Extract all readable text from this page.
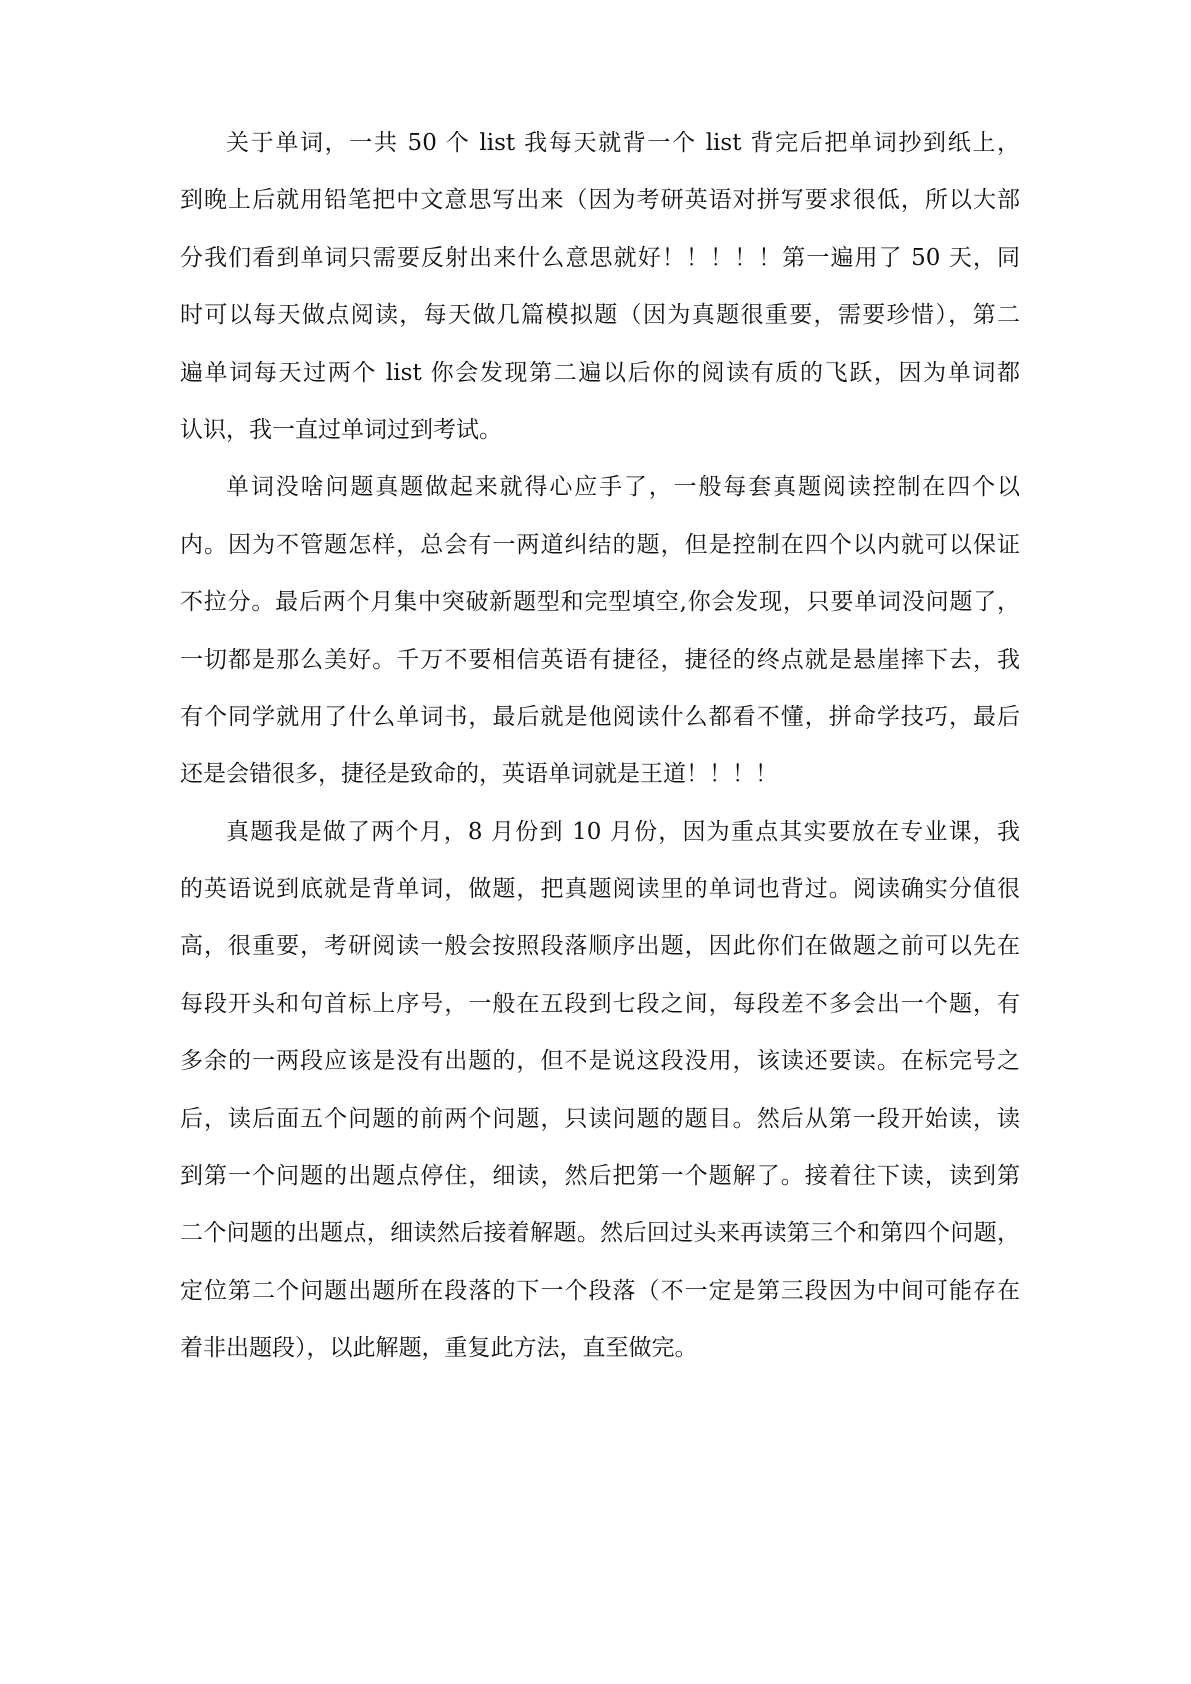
关于单词，一共 50 个 list 我每天就背一个 list 背完后把单词抄到纸上，
到晚上后就用铅笔把中文意思写出来（因为考研英语对拼写要求很低，所以大部
分我们看到单词只需要反射出来什么意思就好！！！！！第一遍用了 50 天，同
时可以每天做点阅读，每天做几篇模拟题（因为真题很重要，需要珍惜），第二
遍单词每天过两个 list 你会发现第二遍以后你的阅读有质的飞跃，因为单词都
认识，我一直过单词过到考试。
单词没啥问题真题做起来就得心应手了，一般每套真题阅读控制在四个以
内。因为不管题怎样，总会有一两道纠结的题，但是控制在四个以内就可以保证
不拉分。最后两个月集中突破新题型和完型填空,你会发现，只要单词没问题了，
一切都是那么美好。千万不要相信英语有捷径，捷径的终点就是悬崖摔下去，我
有个同学就用了什么单词书，最后就是他阅读什么都看不懂，拼命学技巧，最后
还是会错很多，捷径是致命的，英语单词就是王道！！！！
真题我是做了两个月，8 月份到 10 月份，因为重点其实要放在专业课，我
的英语说到底就是背单词，做题，把真题阅读里的单词也背过。阅读确实分值很
高，很重要，考研阅读一般会按照段落顺序出题，因此你们在做题之前可以先在
每段开头和句首标上序号，一般在五段到七段之间，每段差不多会出一个题，有
多余的一两段应该是没有出题的，但不是说这段没用，该读还要读。在标完号之
后，读后面五个问题的前两个问题，只读问题的题目。然后从第一段开始读，读
到第一个问题的出题点停住，细读，然后把第一个题解了。接着往下读，读到第
二个问题的出题点，细读然后接着解题。然后回过头来再读第三个和第四个问题，
定位第二个问题出题所在段落的下一个段落（不一定是第三段因为中间可能存在
着非出题段），以此解题，重复此方法，直至做完。
